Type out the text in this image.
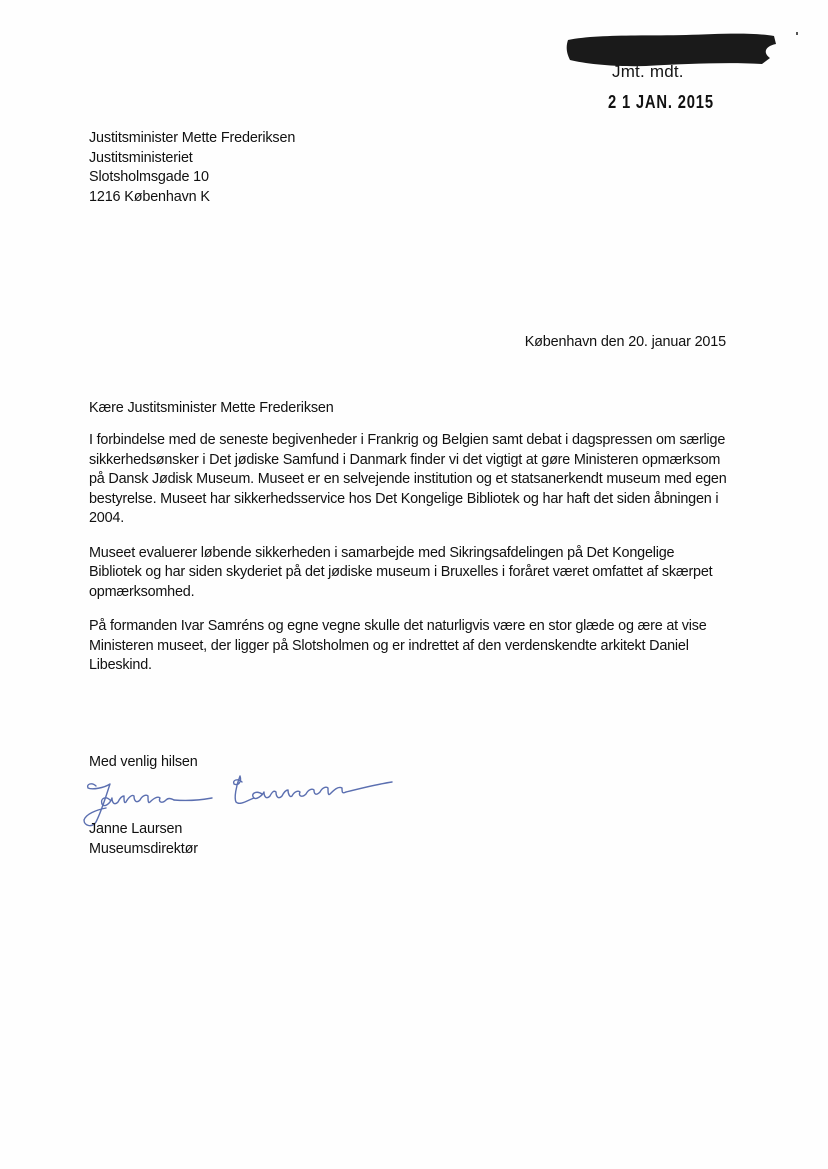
Jmt. mdt.
2 1 JAN. 2015
Justitsminister Mette Frederiksen
Justitsministeriet
Slotsholmsgade 10
1216 København K
København den 20. januar 2015
Kære Justitsminister Mette Frederiksen

I forbindelse med de seneste begivenheder i Frankrig og Belgien samt debat i dagspressen om særlige sikkerhedsønsker i Det jødiske Samfund i Danmark finder vi det vigtigt at gøre Ministeren opmærksom på Dansk Jødisk Museum. Museet er en selvejende institution og et statsanerkendt museum med egen bestyrelse. Museet har sikkerhedsservice hos Det Kongelige Bibliotek og har haft det siden åbningen i 2004.

Museet evaluerer løbende sikkerheden i samarbejde med Sikringsafdelingen på Det Kongelige Bibliotek og har siden skyderiet på det jødiske museum i Bruxelles i foråret været omfattet af skærpet opmærksomhed.

På formanden Ivar Samréns og egne vegne skulle det naturligvis være en stor glæde og ære at vise Ministeren museet, der ligger på Slotsholmen og er indrettet af den verdenskendte arkitekt Daniel Libeskind.

Med venlig hilsen
Janne Laursen
Museumsdirektør
